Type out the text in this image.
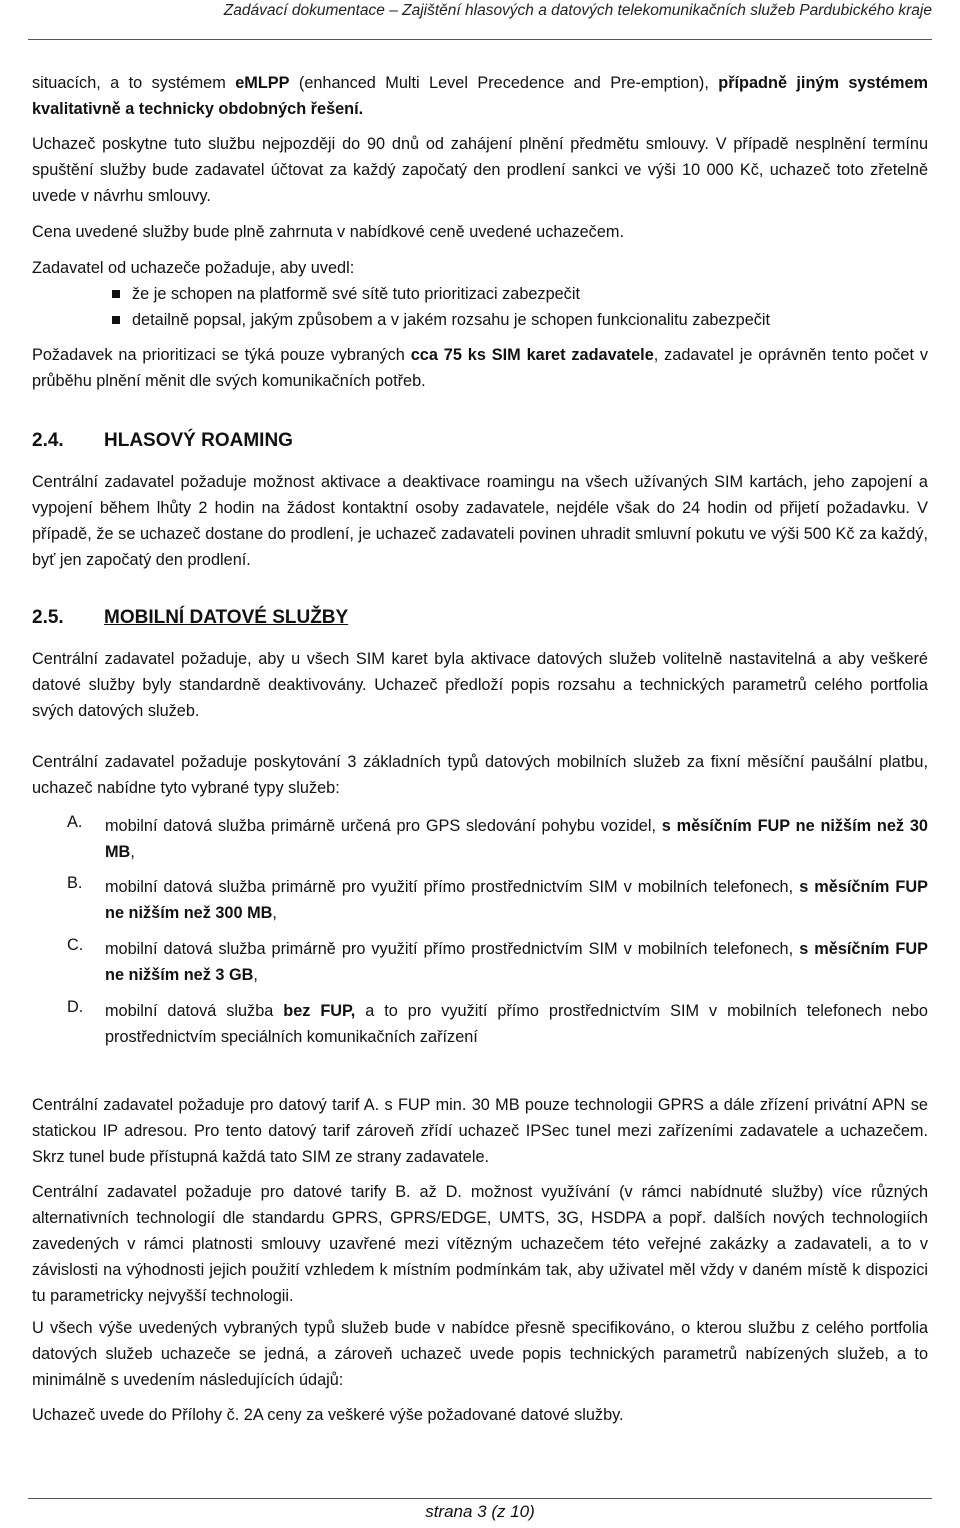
Zadávací dokumentace – Zajištění hlasových a datových telekomunikačních služeb Pardubického kraje

situacích, a to systémem eMLPP (enhanced Multi Level Precedence and Pre-emption), případně jiným systémem kvalitativně a technicky obdobných řešení.

Uchazeč poskytne tuto službu nejpozději do 90 dnů od zahájení plnění předmětu smlouvy. V případě nesplnění termínu spuštění služby bude zadavatel účtovat za každý započatý den prodlení sankci ve výši 10 000 Kč, uchazeč toto zřetelně uvede v návrhu smlouvy.

Cena uvedené služby bude plně zahrnuta v nabídkové ceně uvedené uchazečem.

Zadavatel od uchazeče požaduje, aby uvedl:

že je schopen na platformě své sítě tuto prioritizaci zabezpečit
detailně popsal, jakým způsobem a v jakém rozsahu je schopen funkcionalitu zabezpečit

Požadavek na prioritizaci se týká pouze vybraných cca 75 ks SIM karet zadavatele, zadavatel je oprávněn tento počet v průběhu plnění měnit dle svých komunikačních potřeb.

2.4. HLASOVÝ ROAMING

Centrální zadavatel požaduje možnost aktivace a deaktivace roamingu na všech užívaných SIM kartách, jeho zapojení a vypojení během lhůty 2 hodin na žádost kontaktní osoby zadavatele, nejdéle však do 24 hodin od přijetí požadavku. V případě, že se uchazeč dostane do prodlení, je uchazeč zadavateli povinen uhradit smluvní pokutu ve výši 500 Kč za každý, byť jen započatý den prodlení.

2.5. MOBILNÍ DATOVÉ SLUŽBY

Centrální zadavatel požaduje, aby u všech SIM karet byla aktivace datových služeb volitelně nastavitelná a aby veškeré datové služby byly standardně deaktivovány. Uchazeč předloží popis rozsahu a technických parametrů celého portfolia svých datových služeb.

Centrální zadavatel požaduje poskytování 3 základních typů datových mobilních služeb za fixní měsíční paušální platbu, uchazeč nabídne tyto vybrané typy služeb:

A. mobilní datová služba primárně určená pro GPS sledování pohybu vozidel, s měsíčním FUP ne nižším než 30 MB,
B. mobilní datová služba primárně pro využití přímo prostřednictvím SIM v mobilních telefonech, s měsíčním FUP ne nižším než 300 MB,
C. mobilní datová služba primárně pro využití přímo prostřednictvím SIM v mobilních telefonech, s měsíčním FUP ne nižším než 3 GB,
D. mobilní datová služba bez FUP, a to pro využití přímo prostřednictvím SIM v mobilních telefonech nebo prostřednictvím speciálních komunikačních zařízení

Centrální zadavatel požaduje pro datový tarif A. s FUP min. 30 MB pouze technologii GPRS a dále zřízení privátní APN se statickou IP adresou. Pro tento datový tarif zároveň zřídí uchazeč IPSec tunel mezi zařízeními zadavatele a uchazečem. Skrz tunel bude přístupná každá tato SIM ze strany zadavatele.

Centrální zadavatel požaduje pro datové tarify B. až D. možnost využívání (v rámci nabídnuté služby) více různých alternativních technologií dle standardu GPRS, GPRS/EDGE, UMTS, 3G, HSDPA a popř. dalších nových technologiích zavedených v rámci platnosti smlouvy uzavřené mezi vítězným uchazečem této veřejné zakázky a zadavateli, a to v závislosti na výhodnosti jejich použití vzhledem k místním podmínkám tak, aby uživatel měl vždy v daném místě k dispozici tu parametricky nejvyšší technologii.

U všech výše uvedených vybraných typů služeb bude v nabídce přesně specifikováno, o kterou službu z celého portfolia datových služeb uchazeče se jedná, a zároveň uchazeč uvede popis technických parametrů nabízených služeb, a to minimálně s uvedením následujících údajů:

Uchazeč uvede do Přílohy č. 2A ceny za veškeré výše požadované datové služby.

strana 3 (z 10)
